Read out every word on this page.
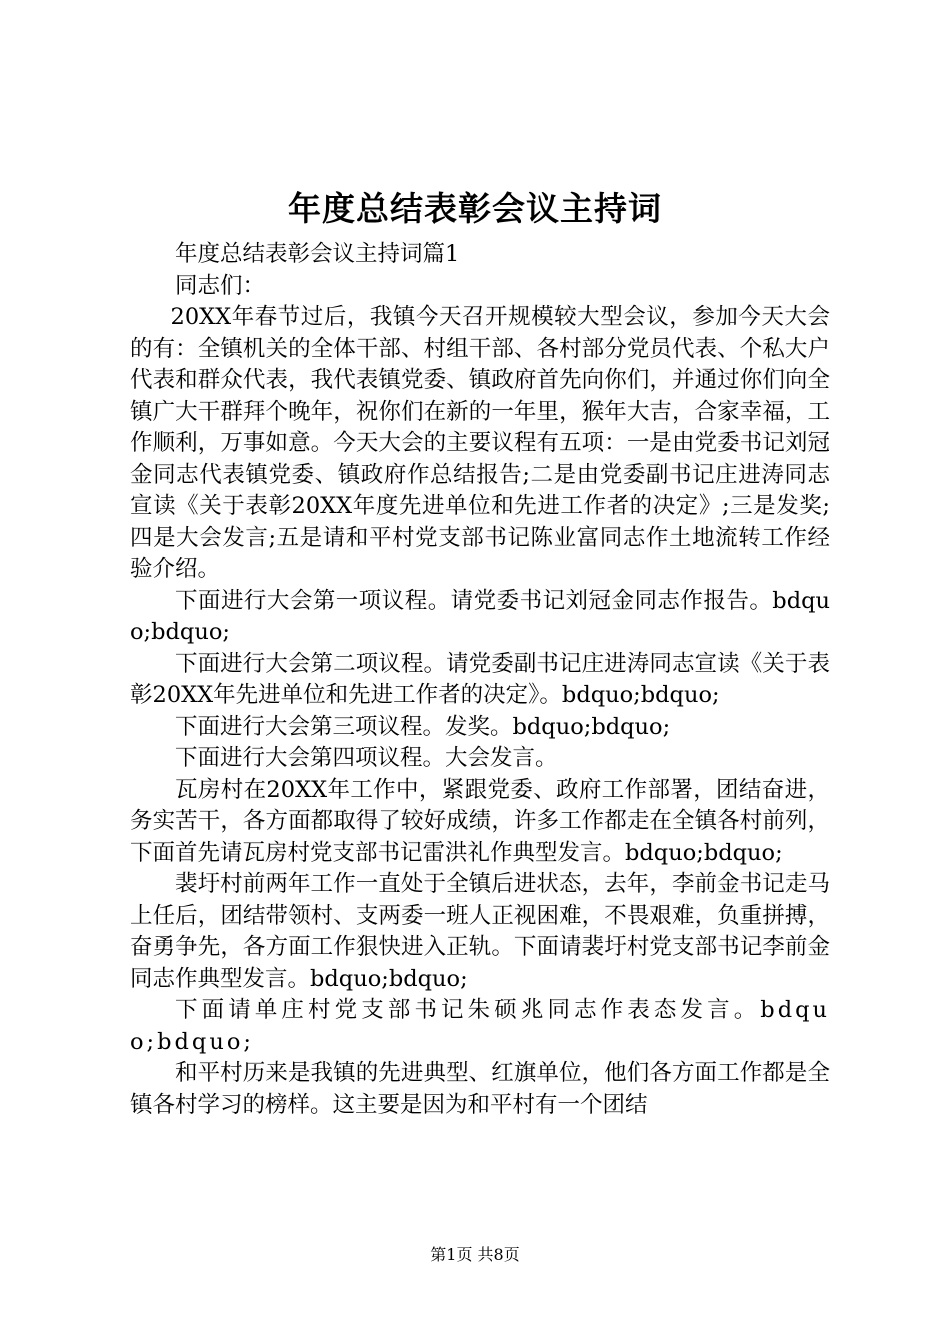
年度总结表彰会议主持词

年度总结表彰会议主持词篇1

同志们：

20XX年春节过后，我镇今天召开规模较大型会议，参加今天大会的有：全镇机关的全体干部、村组干部、各村部分党员代表、个私大户代表和群众代表，我代表镇党委、镇政府首先向你们，并通过你们向全镇广大干群拜个晚年，祝你们在新的一年里，猴年大吉，合家幸福，工作顺利，万事如意。今天大会的主要议程有五项：一是由党委书记刘冠金同志代表镇党委、镇政府作总结报告;二是由党委副书记庄进涛同志宣读《关于表彰20XX年度先进单位和先进工作者的决定》;三是发奖;四是大会发言;五是请和平村党支部书记陈业富同志作土地流转工作经验介绍。

下面进行大会第一项议程。请党委书记刘冠金同志作报告。bdquo;bdquo;

下面进行大会第二项议程。请党委副书记庄进涛同志宣读《关于表彰20XX年先进单位和先进工作者的决定》。bdquo;bdquo;

下面进行大会第三项议程。发奖。bdquo;bdquo;

下面进行大会第四项议程。大会发言。

瓦房村在20XX年工作中，紧跟党委、政府工作部署，团结奋进，务实苦干，各方面都取得了较好成绩，许多工作都走在全镇各村前列，下面首先请瓦房村党支部书记雷洪礼作典型发言。bdquo;bdquo;

裴圩村前两年工作一直处于全镇后进状态，去年，李前金书记走马上任后，团结带领村、支两委一班人正视困难，不畏艰难，负重拼搏，奋勇争先，各方面工作狠快进入正轨。下面请裴圩村党支部书记李前金同志作典型发言。bdquo;bdquo;

下面请单庄村党支部书记朱硕兆同志作表态发言。bdquo;bdquo;

和平村历来是我镇的先进典型、红旗单位，他们各方面工作都是全镇各村学习的榜样。这主要是因为和平村有一个团结

第1页 共8页
